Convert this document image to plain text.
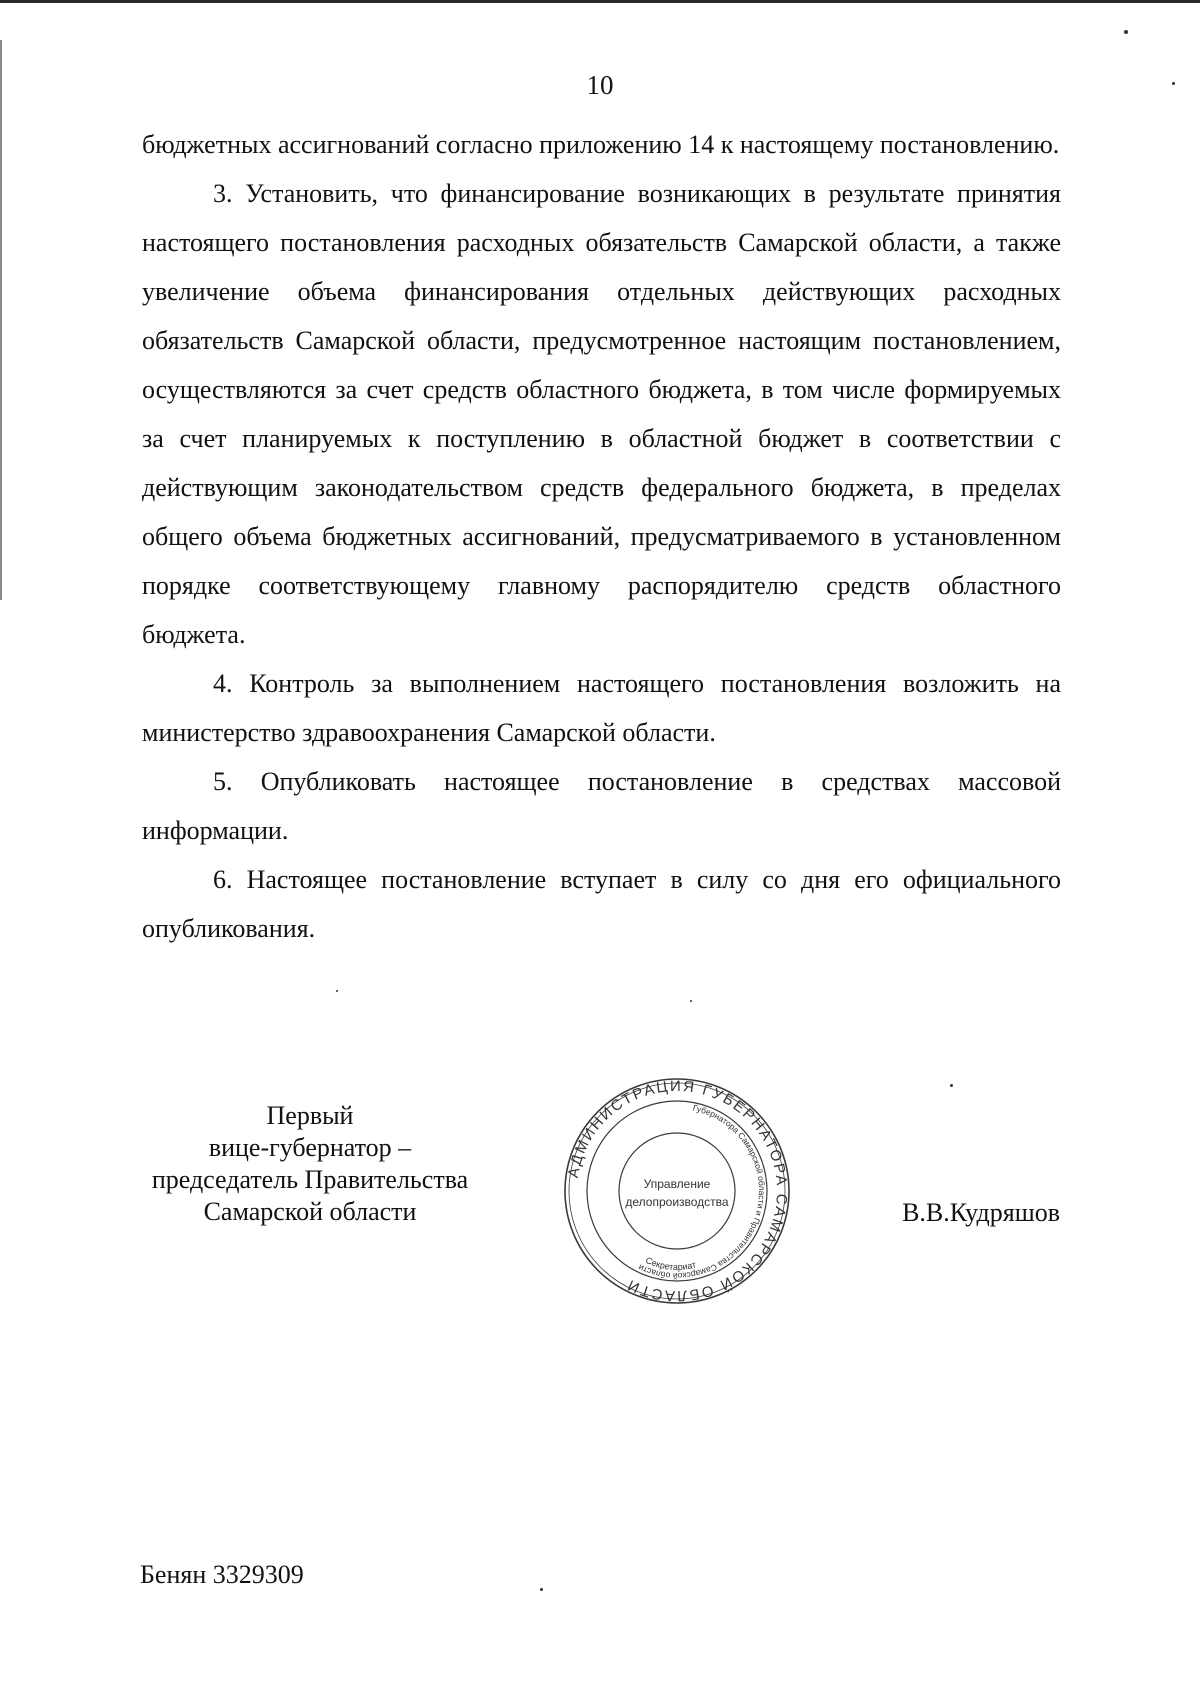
10

бюджетных ассигнований согласно приложению 14 к настоящему постановлению.

3. Установить, что финансирование возникающих в результате принятия настоящего постановления расходных обязательств Самарской области, а также увеличение объема финансирования отдельных действующих расходных обязательств Самарской области, предусмотренное настоящим постановлением, осуществляются за счет средств областного бюджета, в том числе формируемых за счет планируемых к поступлению в областной бюджет в соответствии с действующим законодательством средств федерального бюджета, в пределах общего объема бюджетных ассигнований, предусматриваемого в установленном порядке соответствующему главному распорядителю средств областного бюджета.

4. Контроль за выполнением настоящего постановления возложить на министерство здравоохранения Самарской области.

5. Опубликовать настоящее постановление в средствах массовой информации.

6. Настоящее постановление вступает в силу со дня его официального опубликования.

Первый
вице-губернатор –
председатель Правительства
Самарской области
АДМИНИСТРАЦИЯ ГУБЕРНАТОРА САМАРСКОЙ ОБЛАСТИ
Губернатора Самарской области и Правительства Самарской области
Секретариат
Управление
делопроизводства	В.В.Кудряшов
Бенян 3329309
